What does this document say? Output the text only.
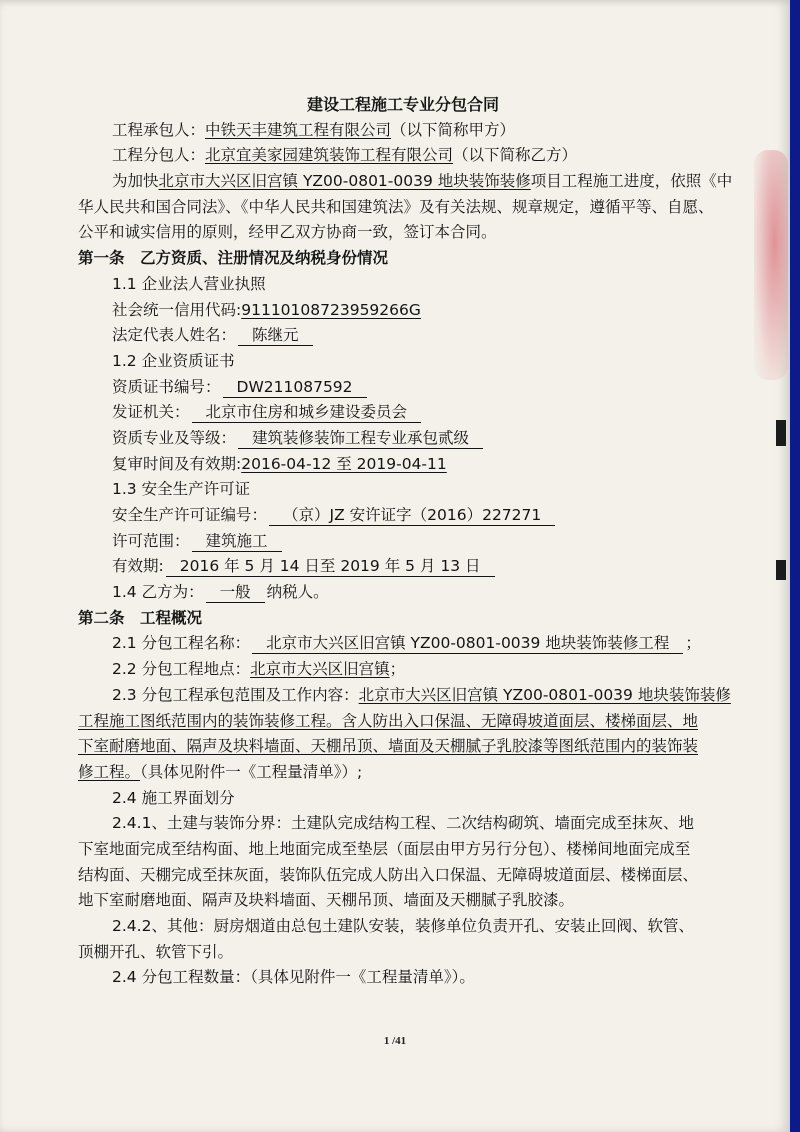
建设工程施工专业分包合同
工程承包人：中铁天丰建筑工程有限公司（以下简称甲方）
工程分包人：北京宜美家园建筑装饰工程有限公司（以下简称乙方）
为加快北京市大兴区旧宫镇 YZ00-0801-0039 地块装饰装修项目工程施工进度，依照《中
华人民共和国合同法》、《中华人民共和国建筑法》及有关法规、规章规定，遵循平等、自愿、
公平和诚实信用的原则，经甲乙双方协商一致，签订本合同。
第一条　乙方资质、注册情况及纳税身份情况
1.1 企业法人营业执照
社会统一信用代码:91110108723959266G
法定代表人姓名： 陈继元
1.2 企业资质证书
资质证书编号： DW211087592
发证机关： 北京市住房和城乡建设委员会
资质专业及等级： 建筑装修装饰工程专业承包贰级
复审时间及有效期:2016-04-12 至 2019-04-11
1.3 安全生产许可证
安全生产许可证编号： （京）JZ 安许证字（2016）227271
许可范围： 建筑施工
有效期: 2016 年 5 月 14 日至 2019 年 5 月 13 日
1.4 乙方为： 一般 纳税人。
第二条　工程概况
2.1 分包工程名称： 北京市大兴区旧宫镇 YZ00-0801-0039 地块装饰装修工程 ；
2.2 分包工程地点：北京市大兴区旧宫镇；
2.3 分包工程承包范围及工作内容：北京市大兴区旧宫镇 YZ00-0801-0039 地块装饰装修
工程施工图纸范围内的装饰装修工程。含人防出入口保温、无障碍坡道面层、楼梯面层、地
下室耐磨地面、隔声及块料墙面、天棚吊顶、墙面及天棚腻子乳胶漆等图纸范围内的装饰装
修工程。（具体见附件一《工程量清单》）;
2.4 施工界面划分
2.4.1、土建与装饰分界：土建队完成结构工程、二次结构砌筑、墙面完成至抹灰、地
下室地面完成至结构面、地上地面完成至垫层（面层由甲方另行分包）、楼梯间地面完成至
结构面、天棚完成至抹灰面，装饰队伍完成人防出入口保温、无障碍坡道面层、楼梯面层、
地下室耐磨地面、隔声及块料墙面、天棚吊顶、墙面及天棚腻子乳胶漆。
2.4.2、其他：厨房烟道由总包土建队安装，装修单位负责开孔、安装止回阀、软管、
顶棚开孔、软管下引。
2.4 分包工程数量：（具体见附件一《工程量清单》）。
1 /41
